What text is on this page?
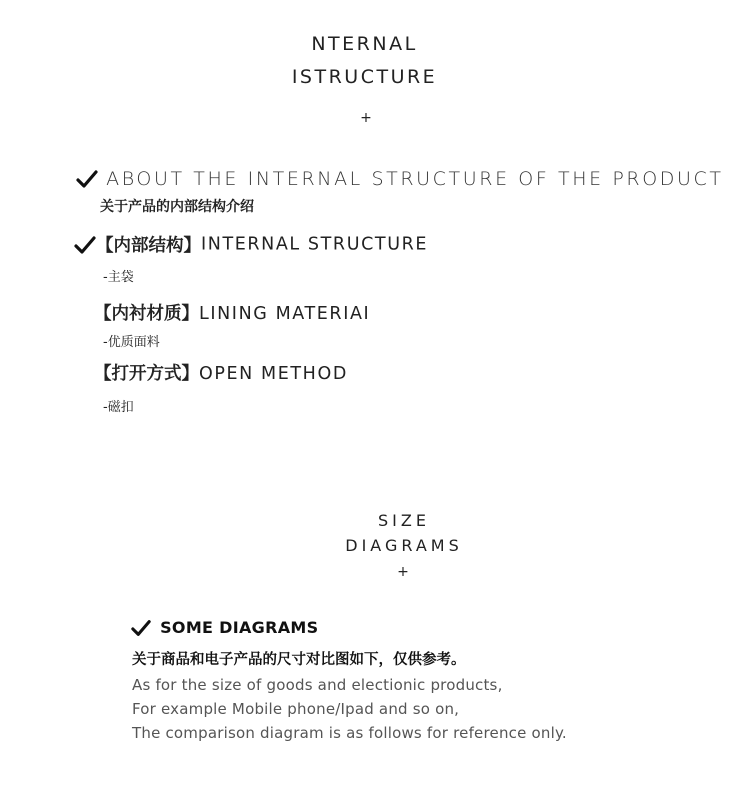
NTERNAL
ISTRUCTURE
+
ABOUT THE INTERNAL STRUCTURE OF THE PRODUCT
关于产品的内部结构介绍
【内部结构】INTERNAL STRUCTURE
-主袋
【内衬材质】LINING MATERIAI
-优质面料
【打开方式】OPEN METHOD
-磁扣
SIZE
DIAGRAMS
+
SOME DIAGRAMS
关于商品和电子产品的尺寸对比图如下，仅供参考。
As for the size of goods and electionic products,
For example Mobile phone/Ipad and so on,
The comparison diagram is as follows for reference only.
